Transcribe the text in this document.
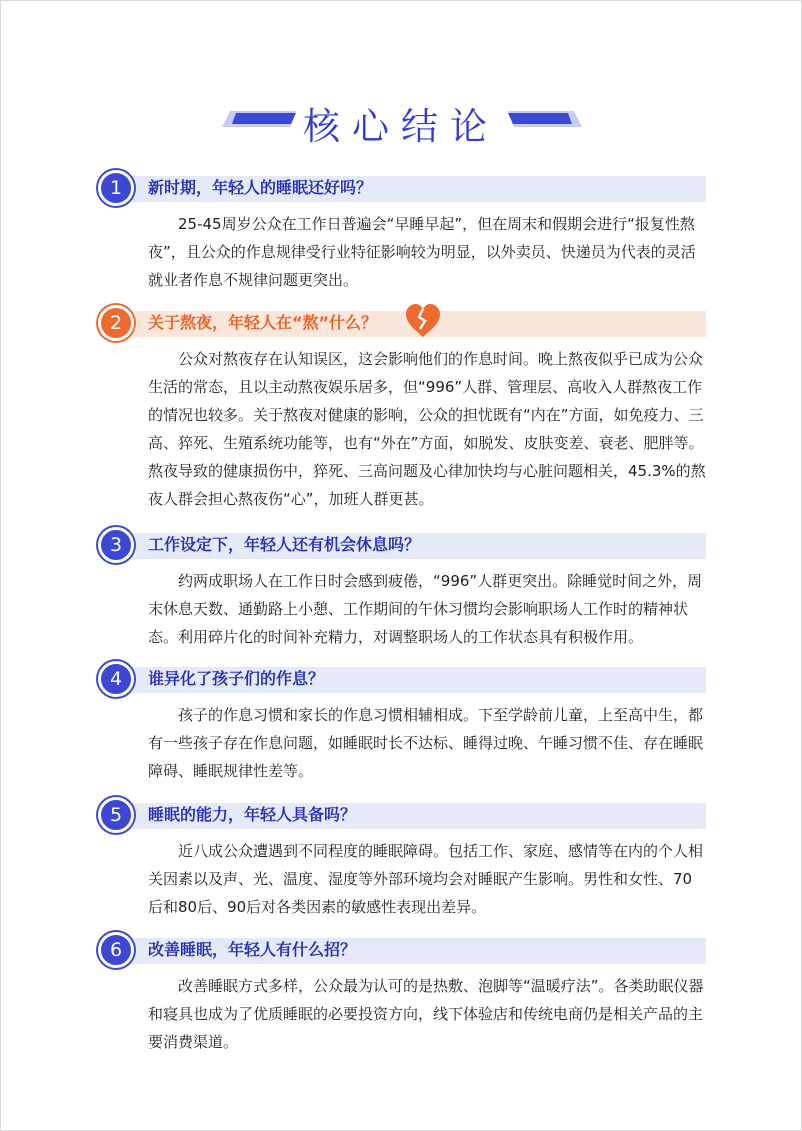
核心结论
1	新时期，年轻人的睡眠还好吗？

25-45周岁公众在工作日普遍会“早睡早起”，但在周末和假期会进行“报复性熬夜”，且公众的作息规律受行业特征影响较为明显，以外卖员、快递员为代表的灵活就业者作息不规律问题更突出。

2	关于熬夜，年轻人在“熬”什么？

公众对熬夜存在认知误区，这会影响他们的作息时间。晚上熬夜似乎已成为公众生活的常态，且以主动熬夜娱乐居多，但“996”人群、管理层、高收入人群熬夜工作的情况也较多。关于熬夜对健康的影响，公众的担忧既有“内在”方面，如免疫力、三高、猝死、生殖系统功能等，也有“外在”方面，如脱发、皮肤变差、衰老、肥胖等。熬夜导致的健康损伤中，猝死、三高问题及心律加快均与心脏问题相关，45.3%的熬夜人群会担心熬夜伤“心”，加班人群更甚。

3	工作设定下，年轻人还有机会休息吗？

约两成职场人在工作日时会感到疲倦，“996”人群更突出。除睡觉时间之外，周末休息天数、通勤路上小憩、工作期间的午休习惯均会影响职场人工作时的精神状态。利用碎片化的时间补充精力，对调整职场人的工作状态具有积极作用。

4	谁异化了孩子们的作息？

孩子的作息习惯和家长的作息习惯相辅相成。下至学龄前儿童，上至高中生，都有一些孩子存在作息问题，如睡眠时长不达标、睡得过晚、午睡习惯不佳、存在睡眠障碍、睡眠规律性差等。

5	睡眠的能力，年轻人具备吗？

近八成公众遭遇到不同程度的睡眠障碍。包括工作、家庭、感情等在内的个人相关因素以及声、光、温度、湿度等外部环境均会对睡眠产生影响。男性和女性、70后和80后、90后对各类因素的敏感性表现出差异。

6	改善睡眠，年轻人有什么招？

改善睡眠方式多样，公众最为认可的是热敷、泡脚等“温暖疗法”。各类助眠仪器和寝具也成为了优质睡眠的必要投资方向，线下体验店和传统电商仍是相关产品的主要消费渠道。
